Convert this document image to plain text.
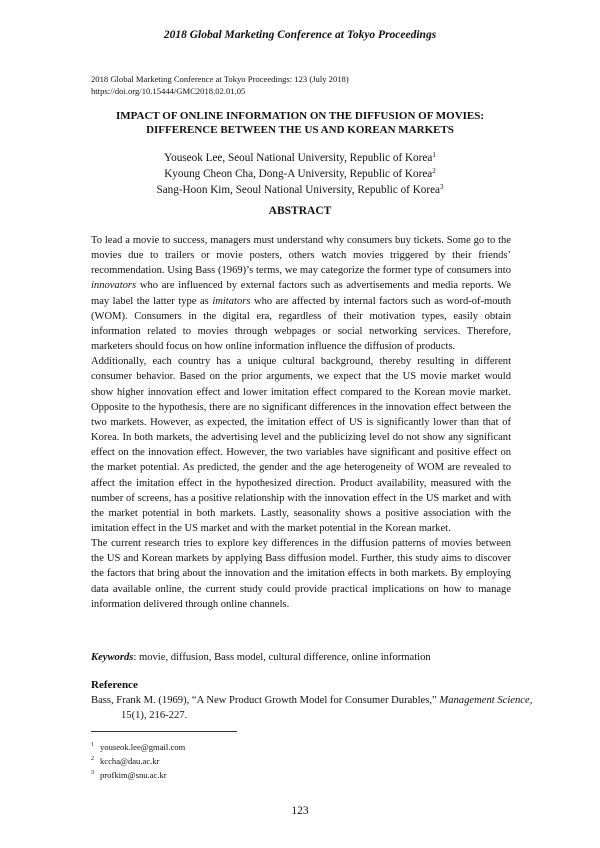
2018 Global Marketing Conference at Tokyo Proceedings
2018 Global Marketing Conference at Tokyo Proceedings: 123 (July 2018)
https://doi.org/10.15444/GMC2018.02.01.05
IMPACT OF ONLINE INFORMATION ON THE DIFFUSION OF MOVIES:
DIFFERENCE BETWEEN THE US AND KOREAN MARKETS
Youseok Lee, Seoul National University, Republic of Korea$^1$
Kyoung Cheon Cha, Dong-A University, Republic of Korea$^2$
Sang-Hoon Kim, Seoul National University, Republic of Korea$^3$
ABSTRACT

To lead a movie to success, managers must understand why consumers buy tickets. Some go to the movies due to trailers or movie posters, others watch movies triggered by their friends’ recommendation. Using Bass (1969)’s terms, we may categorize the former type of consumers into innovators who are influenced by external factors such as advertisements and media reports. We may label the latter type as imitators who are affected by internal factors such as word-of-mouth (WOM). Consumers in the digital era, regardless of their motivation types, easily obtain information related to movies through webpages or social networking services. Therefore, marketers should focus on how online information influence the diffusion of products.

Additionally, each country has a unique cultural background, thereby resulting in different consumer behavior. Based on the prior arguments, we expect that the US movie market would show higher innovation effect and lower imitation effect compared to the Korean movie market. Opposite to the hypothesis, there are no significant differences in the innovation effect between the two markets. However, as expected, the imitation effect of US is significantly lower than that of Korea. In both markets, the advertising level and the publicizing level do not show any significant effect on the innovation effect. However, the two variables have significant and positive effect on the market potential. As predicted, the gender and the age heterogeneity of WOM are revealed to affect the imitation effect in the hypothesized direction. Product availability, measured with the number of screens, has a positive relationship with the innovation effect in the US market and with the market potential in both markets. Lastly, seasonality shows a positive association with the imitation effect in the US market and with the market potential in the Korean market.

The current research tries to explore key differences in the diffusion patterns of movies between the US and Korean markets by applying Bass diffusion model. Further, this study aims to discover the factors that bring about the innovation and the imitation effects in both markets. By employing data available online, the current study could provide practical implications on how to manage information delivered through online channels.

Keywords: movie, diffusion, Bass model, cultural difference, online information
Reference
Bass, Frank M. (1969), “A New Product Growth Model for Consumer Durables,” Management Science, 15(1), 216-227.
$^1$ youseok.lee@gmail.com
$^2$ kccha@dau.ac.kr
$^3$ profkim@snu.ac.kr
123
